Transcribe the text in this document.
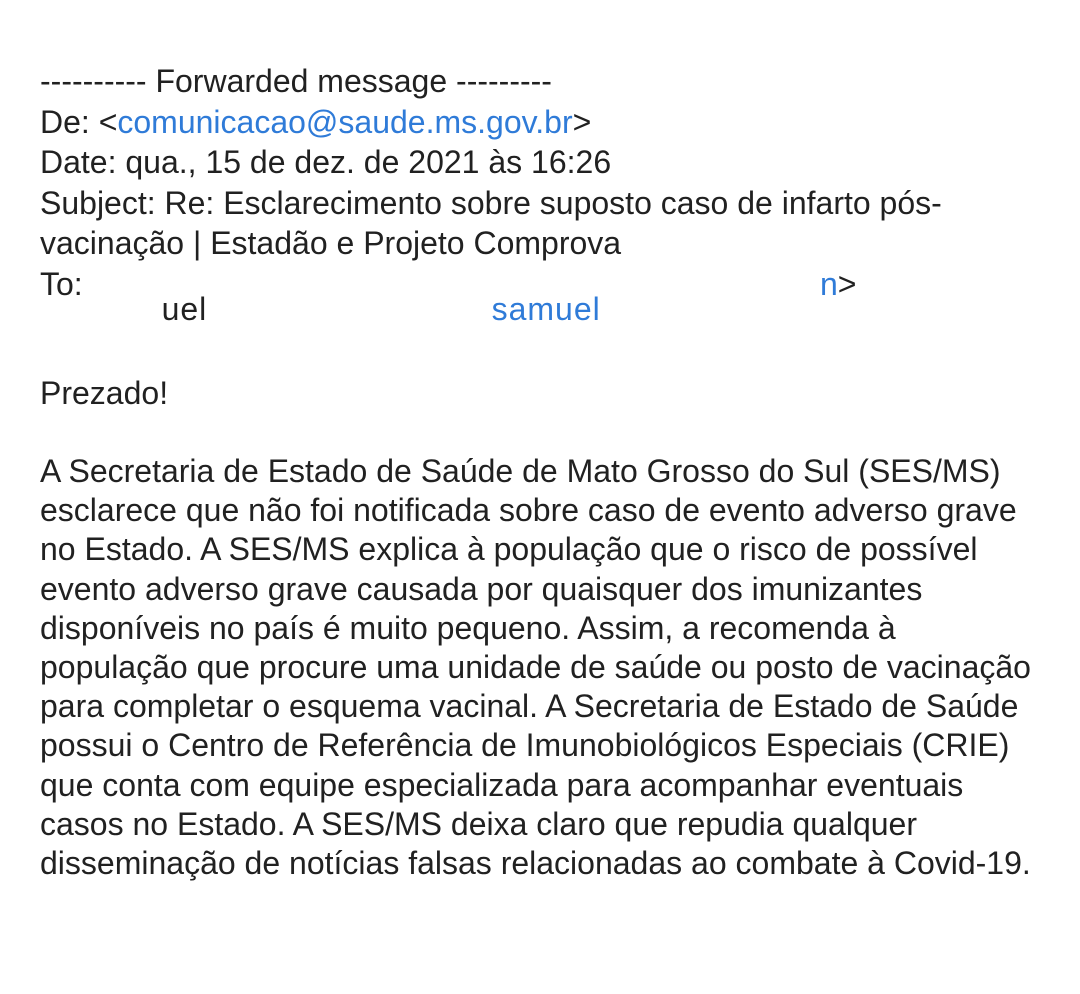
---------- Forwarded message ---------
De: <comunicacao@saude.ms.gov.br>
Date: qua., 15 de dez. de 2021 às 16:26
Subject: Re: Esclarecimento sobre suposto caso de infarto pós-vacinação | Estadão e Projeto Comprova
To:
uel	samuel
n>
Prezado!
A Secretaria de Estado de Saúde de Mato Grosso do Sul (SES/MS) esclarece que não foi notificada sobre caso de evento adverso grave no Estado. A SES/MS explica à população que o risco de possível evento adverso grave causada por quaisquer dos imunizantes disponíveis no país é muito pequeno. Assim, a recomenda à população que procure uma unidade de saúde ou posto de vacinação para completar o esquema vacinal. A Secretaria de Estado de Saúde possui o Centro de Referência de Imunobiológicos Especiais (CRIE) que conta com equipe especializada para acompanhar eventuais casos no Estado. A SES/MS deixa claro que repudia qualquer disseminação de notícias falsas relacionadas ao combate à Covid-19.
